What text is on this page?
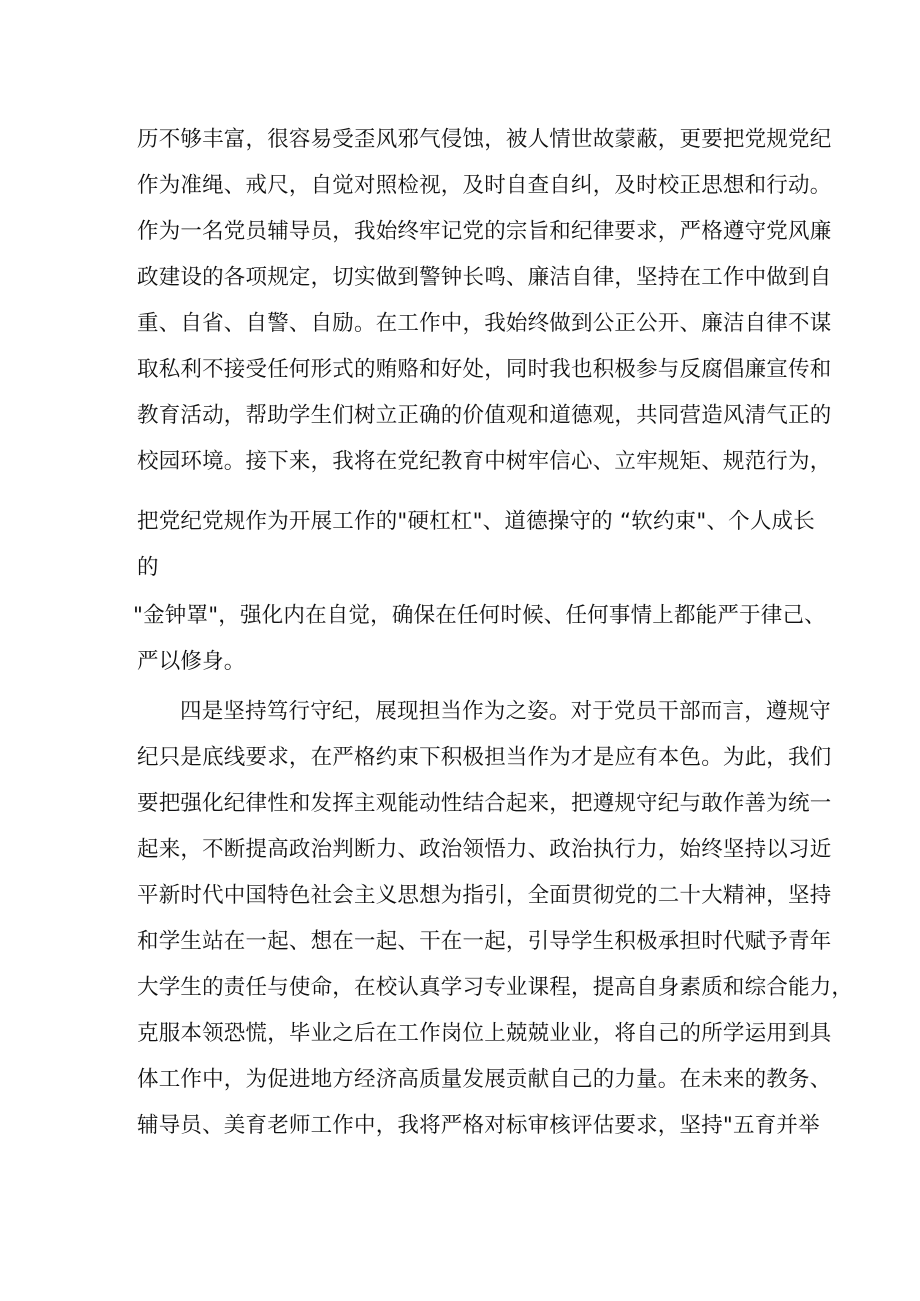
历不够丰富，很容易受歪风邪气侵蚀，被人情世故蒙蔽，更要把党规党纪
作为准绳、戒尺，自觉对照检视，及时自查自纠，及时校正思想和行动。
作为一名党员辅导员，我始终牢记党的宗旨和纪律要求，严格遵守党风廉
政建设的各项规定，切实做到警钟长鸣、廉洁自律，坚持在工作中做到自
重、自省、自警、自励。在工作中，我始终做到公正公开、廉洁自律不谋
取私利不接受任何形式的贿赂和好处，同时我也积极参与反腐倡廉宣传和
教育活动，帮助学生们树立正确的价值观和道德观，共同营造风清气正的
校园环境。接下来，我将在党纪教育中树牢信心、立牢规矩、规范行为，
把党纪党规作为开展工作的"硬杠杠"、道德操守的 “软约束"、个人成长
的
"金钟罩"，强化内在自觉，确保在任何时候、任何事情上都能严于律己、
严以修身。
四是坚持笃行守纪，展现担当作为之姿。对于党员干部而言，遵规守
纪只是底线要求，在严格约束下积极担当作为才是应有本色。为此，我们
要把强化纪律性和发挥主观能动性结合起来，把遵规守纪与敢作善为统一
起来，不断提高政治判断力、政治领悟力、政治执行力，始终坚持以习近
平新时代中国特色社会主义思想为指引，全面贯彻党的二十大精神，坚持
和学生站在一起、想在一起、干在一起，引导学生积极承担时代赋予青年
大学生的责任与使命，在校认真学习专业课程，提高自身素质和综合能力，
克服本领恐慌，毕业之后在工作岗位上兢兢业业，将自己的所学运用到具
体工作中，为促进地方经济高质量发展贡献自己的力量。在未来的教务、
辅导员、美育老师工作中，我将严格对标审核评估要求，坚持"五育并举
